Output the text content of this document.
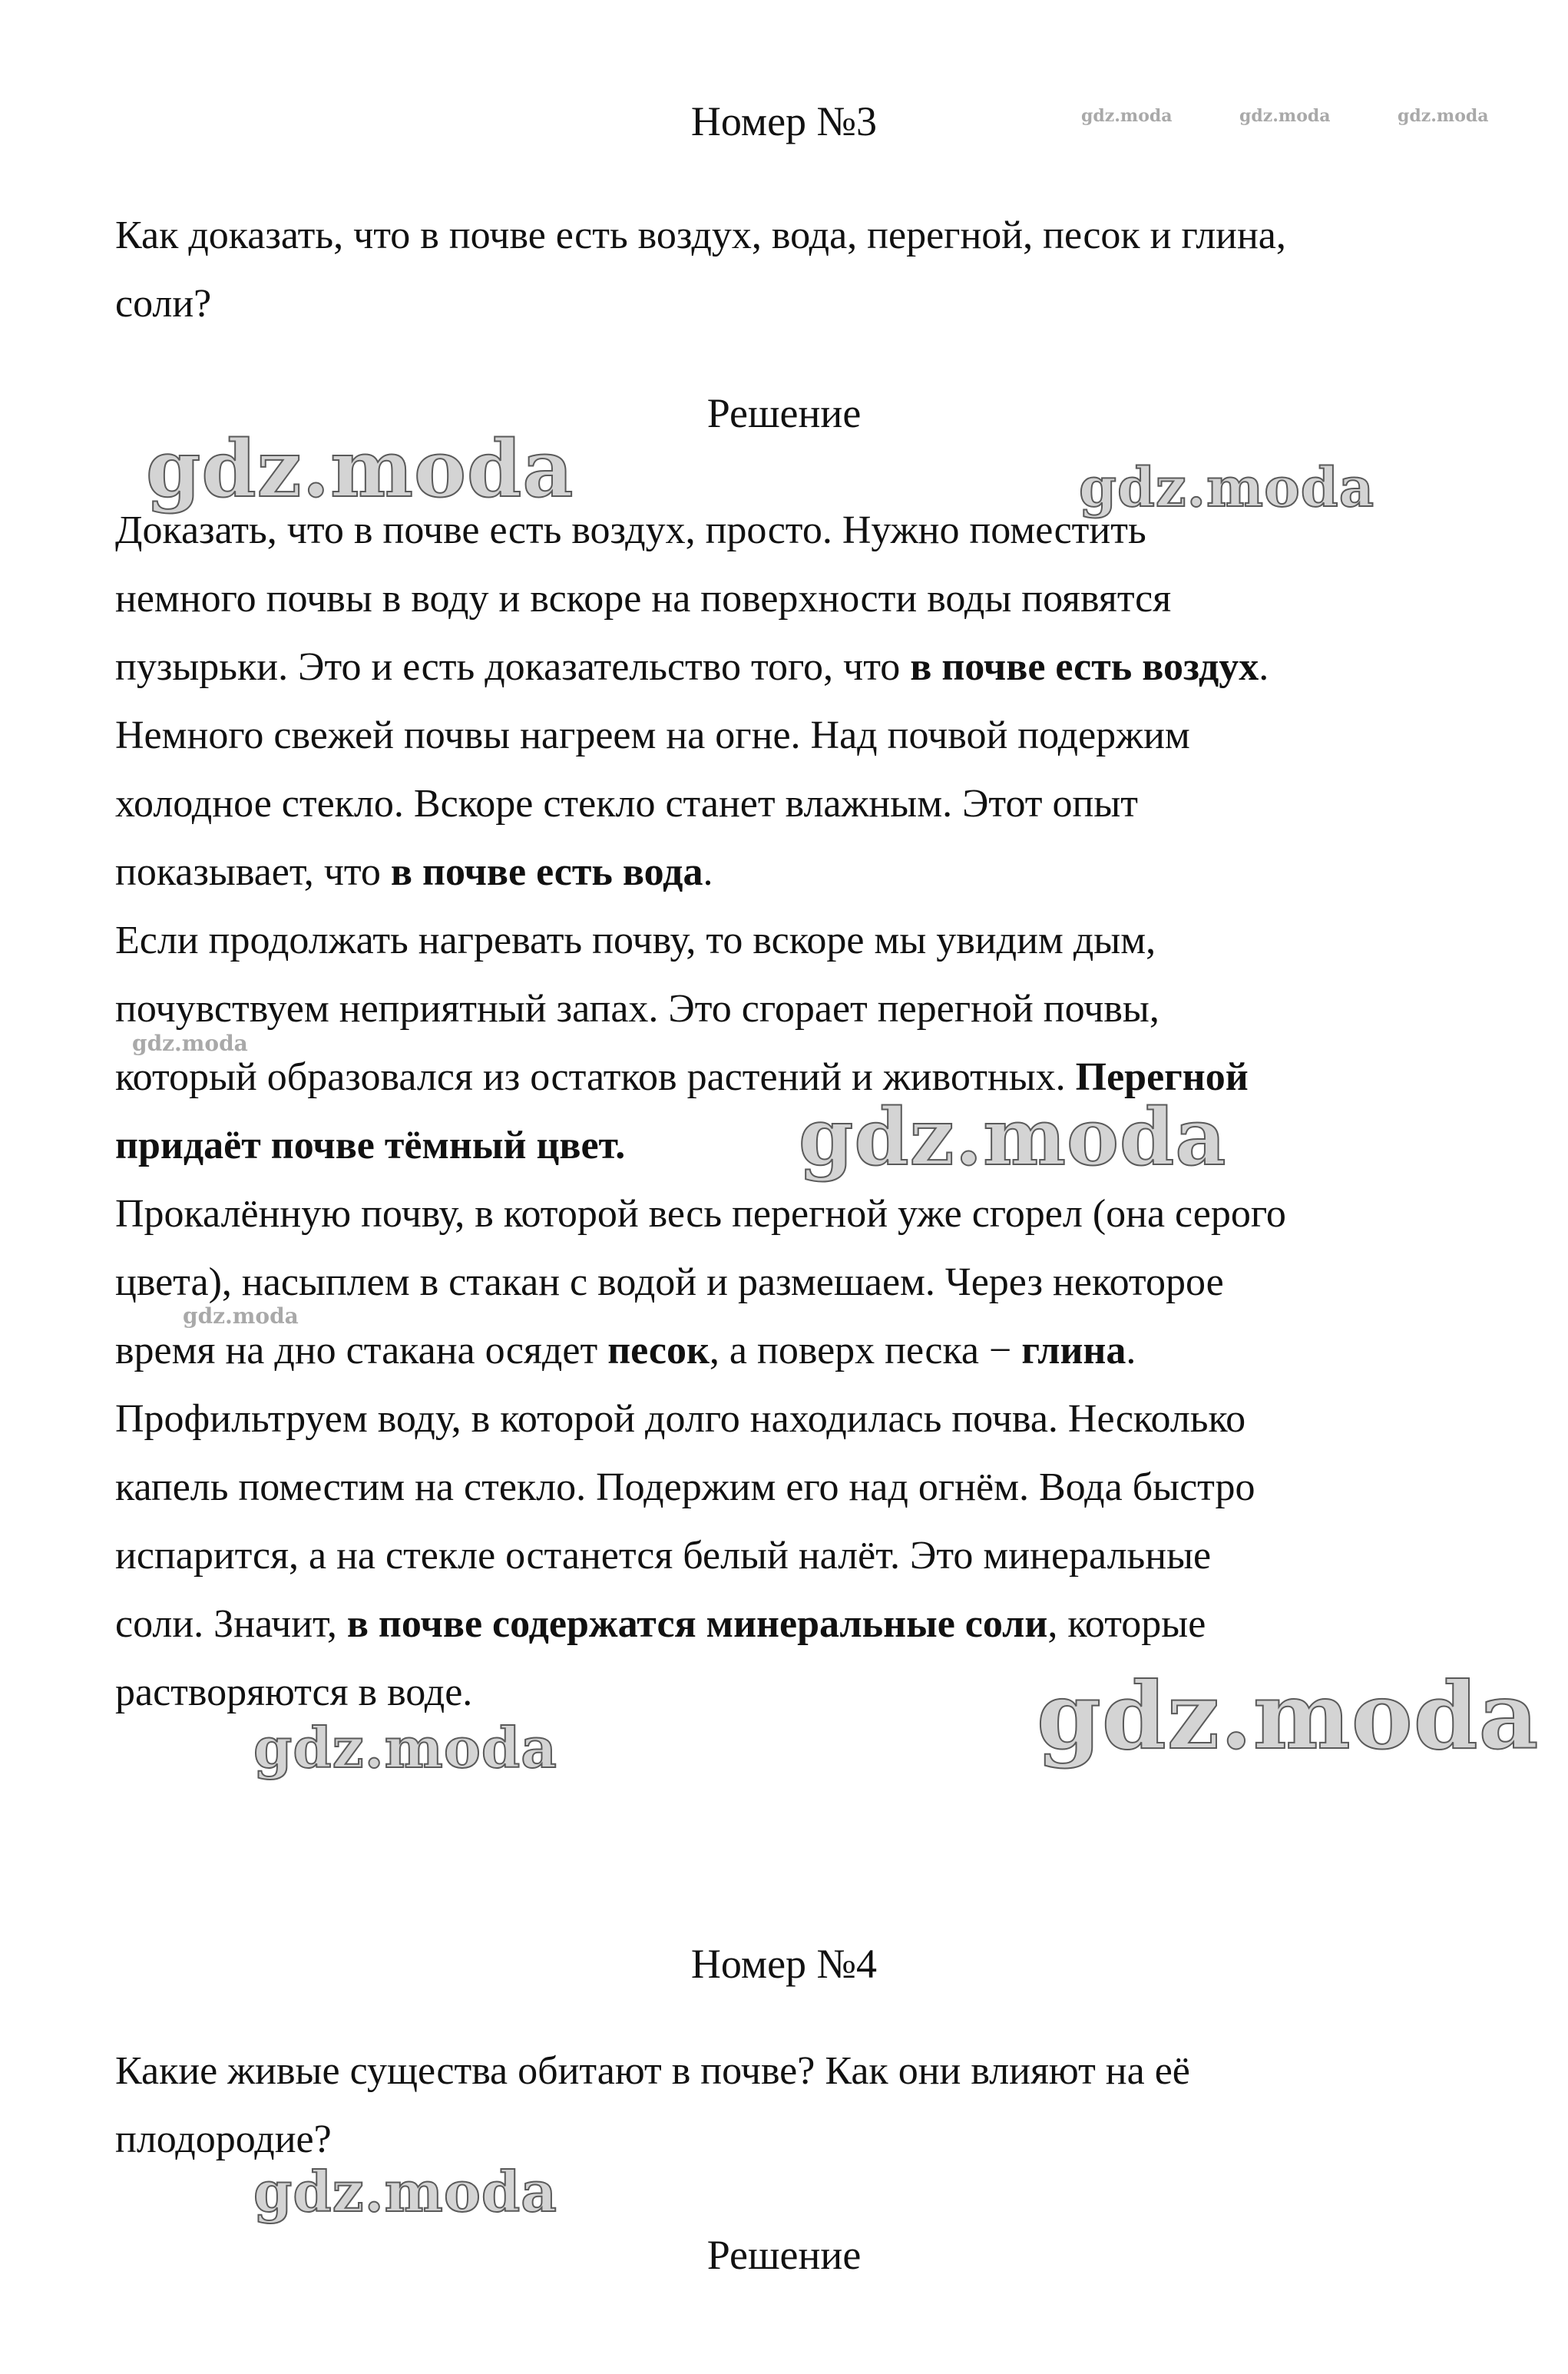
gdz.moda	gdz.moda	gdz.moda
Номер №3

Как доказать, что в почве есть воздух, вода, перегной, песок и глина,
соли?

Решение

Доказать, что в почве есть воздух, просто. Нужно поместить
немного почвы в воду и вскоре на поверхности воды появятся
пузырьки. Это и есть доказательство того, что в почве есть воздух.
Немного свежей почвы нагреем на огне. Над почвой подержим
холодное стекло. Вскоре стекло станет влажным. Этот опыт
показывает, что в почве есть вода.
Если продолжать нагревать почву, то вскоре мы увидим дым,
почувствуем неприятный запах. Это сгорает перегной почвы,
который образовался из остатков растений и животных. Перегной
придаёт почве тёмный цвет.
Прокалённую почву, в которой весь перегной уже сгорел (она серого
цвета), насыплем в стакан с водой и размешаем. Через некоторое
время на дно стакана осядет песок, а поверх песка − глина.
Профильтруем воду, в которой долго находилась почва. Несколько
капель поместим на стекло. Подержим его над огнём. Вода быстро
испарится, а на стекле останется белый налёт. Это минеральные
соли. Значит, в почве содержатся минеральные соли, которые
растворяются в воде.

gdz.moda	gdz.moda
gdz.moda
gdz.moda
gdz.moda
gdz.moda
gdz.moda
Номер №4

Какие живые существа обитают в почве? Как они влияют на её
плодородие?

gdz.moda
Решение
